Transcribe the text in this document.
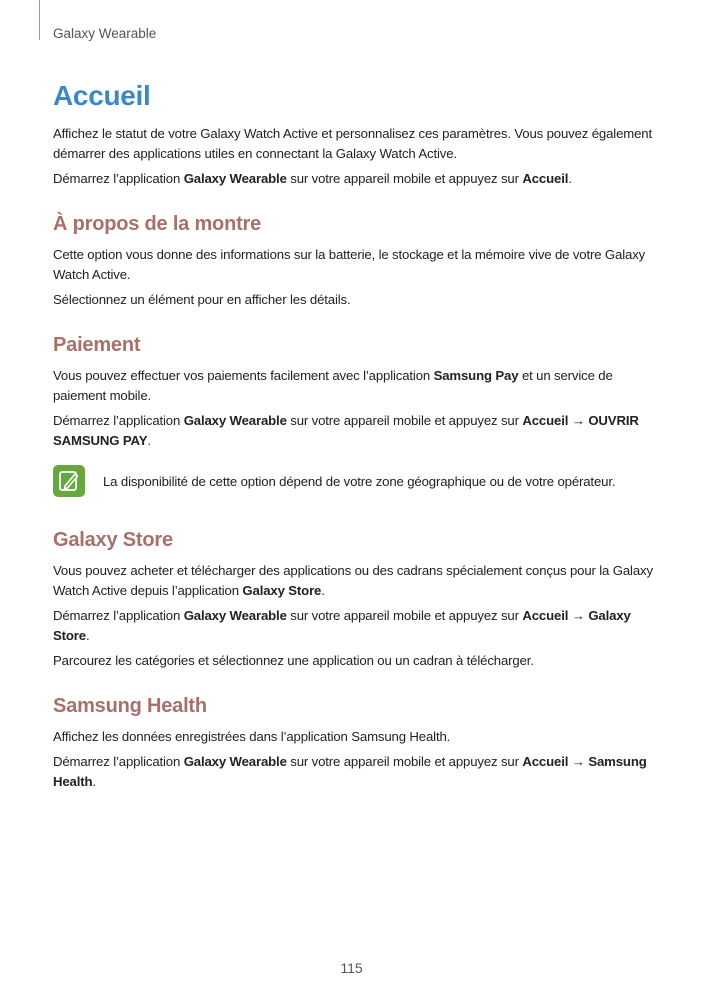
Galaxy Wearable
Accueil

Affichez le statut de votre Galaxy Watch Active et personnalisez ces paramètres. Vous pouvez également démarrer des applications utiles en connectant la Galaxy Watch Active.

Démarrez l’application Galaxy Wearable sur votre appareil mobile et appuyez sur Accueil.

À propos de la montre

Cette option vous donne des informations sur la batterie, le stockage et la mémoire vive de votre Galaxy Watch Active.

Sélectionnez un élément pour en afficher les détails.

Paiement

Vous pouvez effectuer vos paiements facilement avec l’application Samsung Pay et un service de paiement mobile.

Démarrez l’application Galaxy Wearable sur votre appareil mobile et appuyez sur Accueil → OUVRIR SAMSUNG PAY.

La disponibilité de cette option dépend de votre zone géographique ou de votre opérateur.
Galaxy Store

Vous pouvez acheter et télécharger des applications ou des cadrans spécialement conçus pour la Galaxy Watch Active depuis l’application Galaxy Store.

Démarrez l’application Galaxy Wearable sur votre appareil mobile et appuyez sur Accueil → Galaxy Store.

Parcourez les catégories et sélectionnez une application ou un cadran à télécharger.

Samsung Health

Affichez les données enregistrées dans l’application Samsung Health.

Démarrez l’application Galaxy Wearable sur votre appareil mobile et appuyez sur Accueil → Samsung Health.

115
